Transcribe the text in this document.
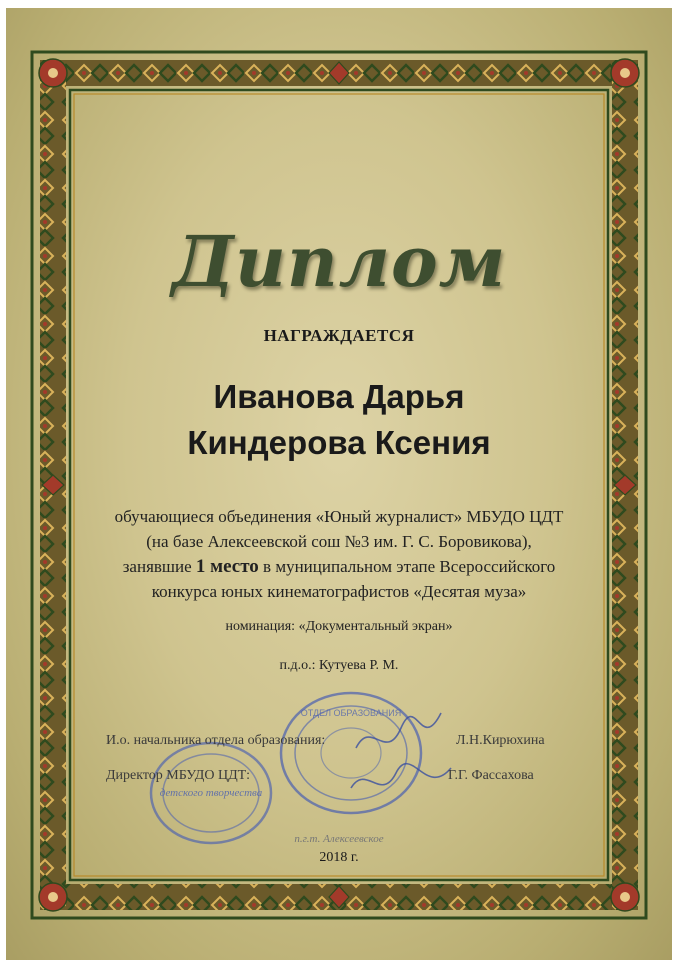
Диплом
НАГРАЖДАЕТСЯ
Иванова Дарья
Киндерова Ксения
обучающиеся объединения «Юный журналист» МБУДО ЦДТ
(на базе Алексеевской сош №3 им. Г. С. Боровикова),
занявшие 1 место в муниципальном этапе Всероссийского
конкурса юных кинематографистов «Десятая муза»
номинация: «Документальный экран»
п.д.о.: Кутуева Р. М.
ОТДЕЛ ОБРАЗОВАНИЯ
детского творчества
И.о. начальника отдела образования:	Л.Н.Кирюхина
Директор МБУДО ЦДТ:	Г.Г. Фассахова
п.г.т. Алексеевское
2018 г.
